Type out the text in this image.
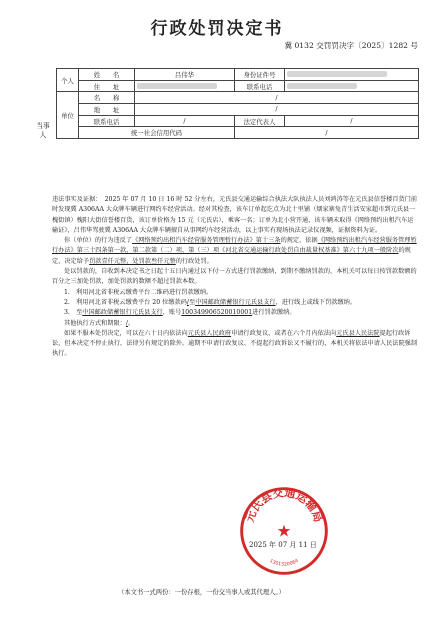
行政处罚决定书
冀 0132 交罚罚决字〔2025〕1282 号
当事人
个人	姓　　名	吕伟华	身份证件号	
	住　　址		联系电话	
单位	名　　称	/		
	地　　址	/		
	联系电话	/	法定代表人	/
	统一社会信用代码		/	

违法事实及证据：　2025 年 07 月 10 日 16 时 52 分左右，元氏县交通运输综合执法大队执法人员刘鸿涛等在元氏县信誉楼百货门前时发现冀 A306AA 大众牌车辆进行网约车经营活动。经对其检查，该车订单起讫点为北十里铺（烟家寨兔青生活安家超市到元氏县一槐街镇）槐阳大街信誉楼百货，该订单价格为 15 元（元氏店），乘客一名；订单为北小营开通，该车辆未取得《网络预约出租汽车运输证》，吕伟华驾驶冀 A306AA 大众牌车辆擅自从事网约车经营活动，以上事实有现场执法记录仪视频，证据资料为证。

你（单位）的行为违反了《网络预约出租汽车经营服务管理暂行办法》第十三条的规定，依据《网络预约出租汽车经营服务管理暂行办法》第三十四条第一款、第二款第（二）项、第（三）项《河北省交通运输行政处罚自由裁量权基准》第六十九项一般阶次的规定，决定给予罚款壹仟元整，处罚款叁仟元整的行政处罚。

处以罚款的，自收到本决定书之日起十五日内通过以下付一方式进行罚款缴纳，到期不缴纳罚款的，本机关可以每日按罚款数额的百分之三加处罚款，加处罚款的数额不超过罚款本数。

1.　利用河北省非税云缴费平台二维码进行罚款缴纳。

2.　利用河北省非税云缴费平台 20 位缴款码/至中国邮政储蓄银行元氏县支行，进行线上或线下罚款缴纳。

3.　至中国邮政储蓄银行元氏县支行，账号100349906520010001进行罚款缴纳。

其他执行方式和期限：/。

如果不服本处罚决定，可以在六十日内依法向元氏县人民政府申请行政复议，或者在六个月内依法向元氏县人民法院提起行政诉讼，但本决定不停止执行，法律另有规定的除外。逾期不申请行政复议、不提起行政诉讼又不履行的，本机关将依法申请人民法院强制执行。

元氏县交通运输局
★
1301320064
2025 年 07 月 11 日
（本文书一式两份：一份存根，一份交当事人或其代理人。）
